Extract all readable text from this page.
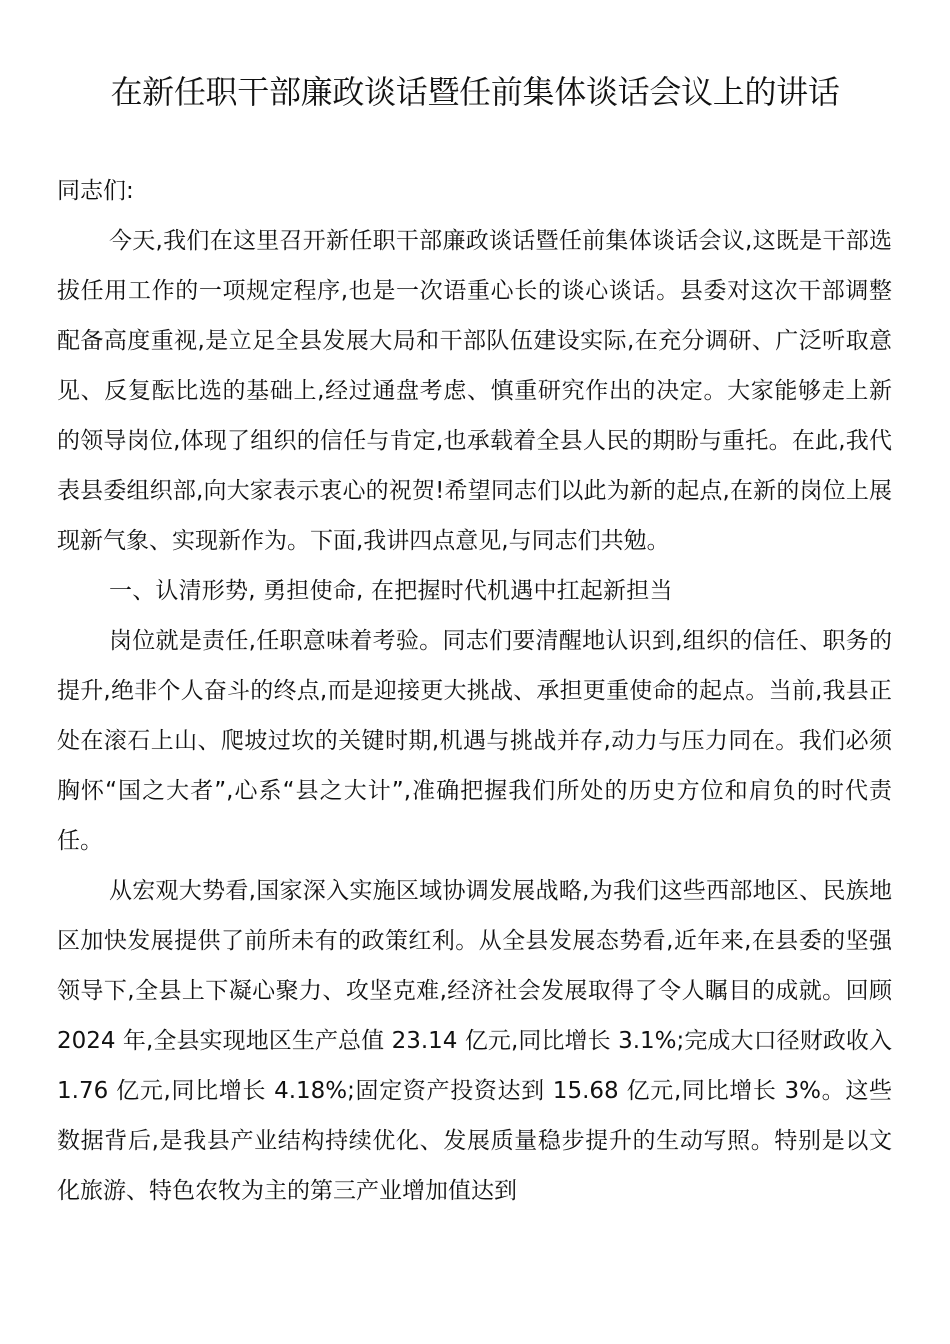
在新任职干部廉政谈话暨任前集体谈话会议上的讲话

同志们:

今天,我们在这里召开新任职干部廉政谈话暨任前集体谈话会议,这既是干部选拔任用工作的一项规定程序,也是一次语重心长的谈心谈话。县委对这次干部调整配备高度重视,是立足全县发展大局和干部队伍建设实际,在充分调研、广泛听取意见、反复酝比选的基础上,经过通盘考虑、慎重研究作出的决定。大家能够走上新的领导岗位,体现了组织的信任与肯定,也承载着全县人民的期盼与重托。在此,我代表县委组织部,向大家表示衷心的祝贺!希望同志们以此为新的起点,在新的岗位上展现新气象、实现新作为。下面,我讲四点意见,与同志们共勉。

一、认清形势, 勇担使命, 在把握时代机遇中扛起新担当

岗位就是责任,任职意味着考验。同志们要清醒地认识到,组织的信任、职务的提升,绝非个人奋斗的终点,而是迎接更大挑战、承担更重使命的起点。当前,我县正处在滚石上山、爬坡过坎的关键时期,机遇与挑战并存,动力与压力同在。我们必须胸怀“国之大者”,心系“县之大计”,准确把握我们所处的历史方位和肩负的时代责任。

从宏观大势看,国家深入实施区域协调发展战略,为我们这些西部地区、民族地区加快发展提供了前所未有的政策红利。从全县发展态势看,近年来,在县委的坚强领导下,全县上下凝心聚力、攻坚克难,经济社会发展取得了令人瞩目的成就。回顾 2024 年,全县实现地区生产总值 23.14 亿元,同比增长 3.1%;完成大口径财政收入 1.76 亿元,同比增长 4.18%;固定资产投资达到 15.68 亿元,同比增长 3%。这些数据背后,是我县产业结构持续优化、发展质量稳步提升的生动写照。特别是以文化旅游、特色农牧为主的第三产业增加值达到
